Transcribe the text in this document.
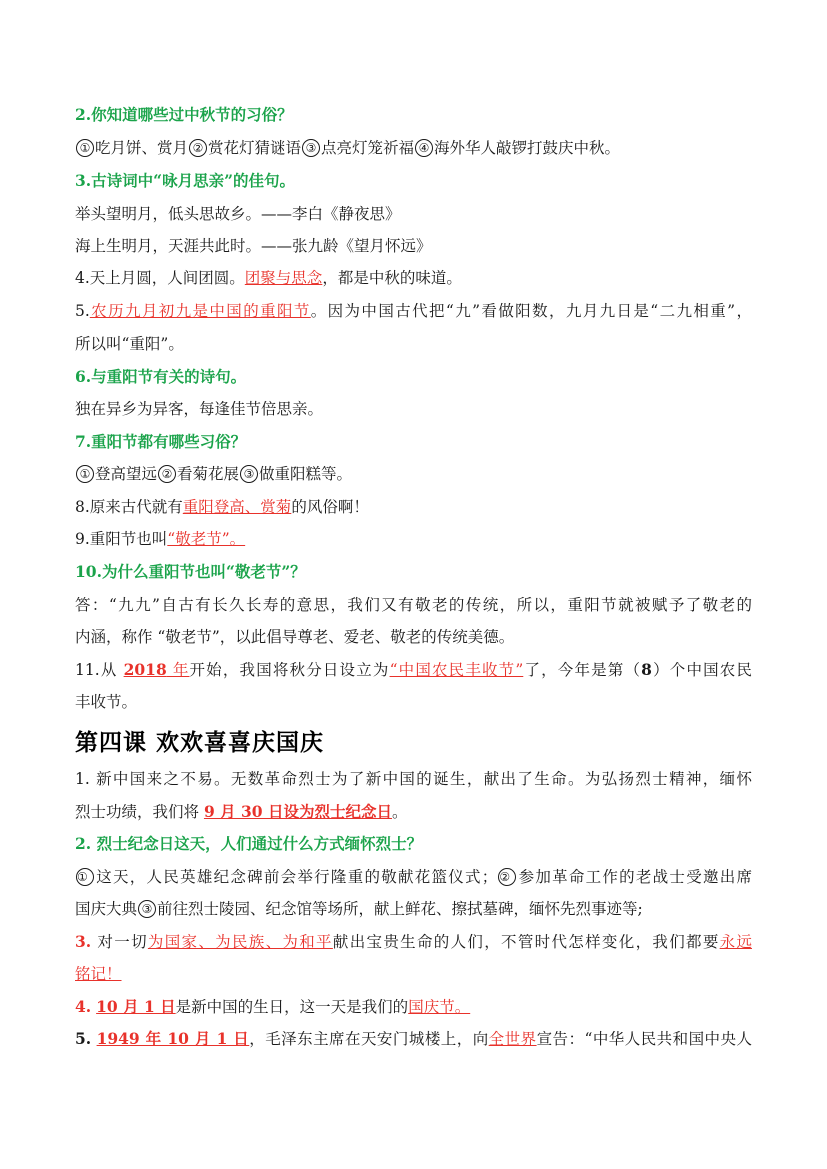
2.你知道哪些过中秋节的习俗？
① 吃月饼、赏月 ② 赏花灯猜谜语 ③ 点亮灯笼祈福 ④ 海外华人敲锣打鼓庆中秋。
3.古诗词中“咏月思亲”的佳句。
举头望明月，低头思故乡。——李白《静夜思》
海上生明月，天涯共此时。——张九龄《望月怀远》
4.天上月圆，人间团圆。团聚与思念，都是中秋的味道。
5.农历九月初九是中国的重阳节。因为中国古代把“九”看做阳数，九月九日是“二九相重”，
所以叫“重阳”。
6.与重阳节有关的诗句。
独在异乡为异客，每逢佳节倍思亲。
7.重阳节都有哪些习俗？
① 登高望远 ② 看菊花展 ③ 做重阳糕等。
8.原来古代就有重阳登高、赏菊的风俗啊！
9.重阳节也叫“敬老节”。
10.为什么重阳节也叫“敬老节”？
答：“九九”自古有长久长寿的意思，我们又有敬老的传统，所以，重阳节就被赋予了敬老的
内涵，称作 “敬老节”，以此倡导尊老、爱老、敬老的传统美德。
11.从 2018 年开始，我国将秋分日设立为“中国农民丰收节”了，今年是第（8）个中国农民
丰收节。
第四课 欢欢喜喜庆国庆
1. 新中国来之不易。无数革命烈士为了新中国的诞生，献出了生命。为弘扬烈士精神，缅怀
烈士功绩，我们将 9 月 30 日设为烈士纪念日。
2. 烈士纪念日这天，人们通过什么方式缅怀烈士？
① 这天，人民英雄纪念碑前会举行隆重的敬献花篮仪式； ② 参加革命工作的老战士受邀出席
国庆大典 ③ 前往烈士陵园、纪念馆等场所，献上鲜花、擦拭墓碑，缅怀先烈事迹等;
3. 对一切为国家、为民族、为和平献出宝贵生命的人们，不管时代怎样变化，我们都要永远
铭记！
4. 10 月 1 日是新中国的生日，这一天是我们的国庆节。
5. 1949 年 10 月 1 日，毛泽东主席在天安门城楼上，向全世界宣告：“中华人民共和国中央人
